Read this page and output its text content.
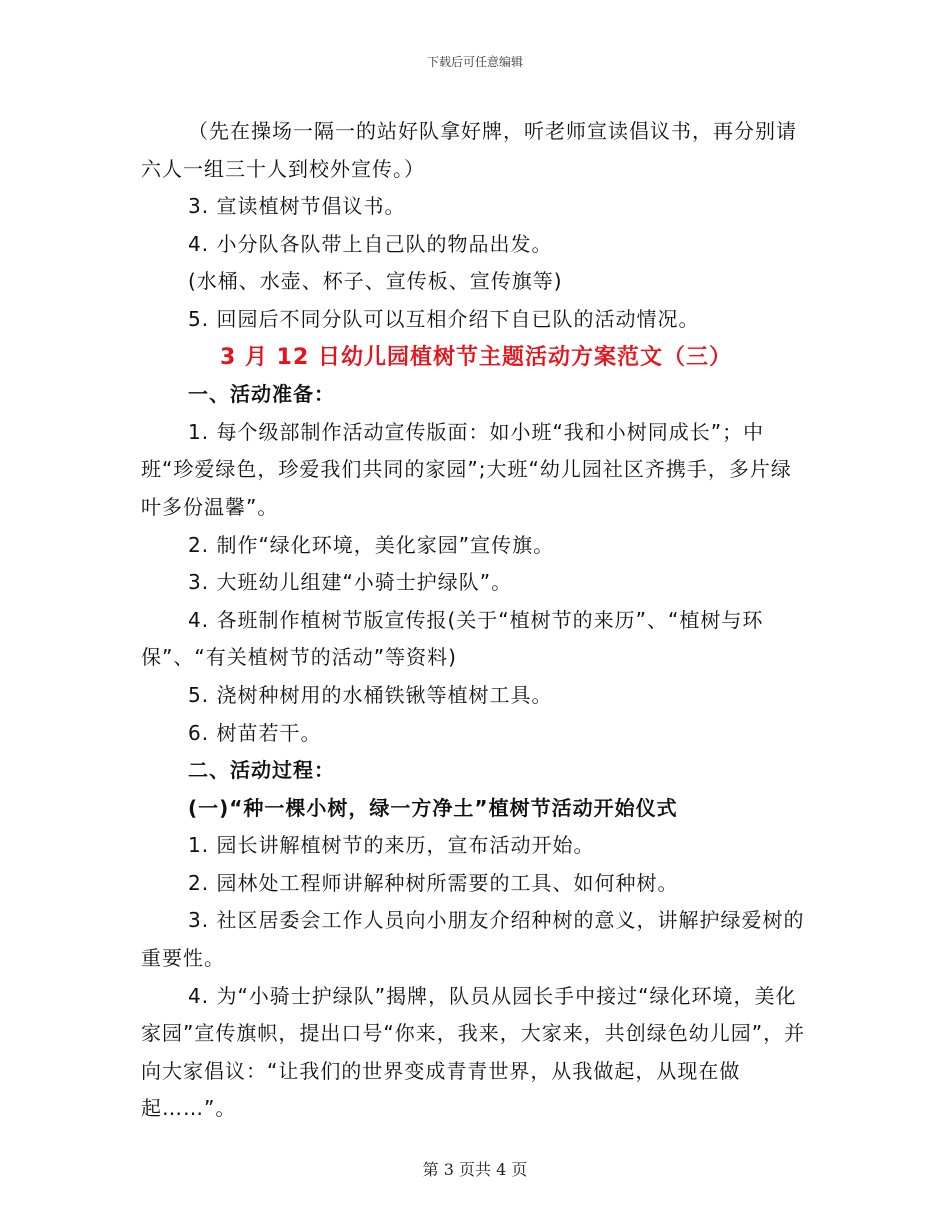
下载后可任意编辑

（先在操场一隔一的站好队拿好牌，听老师宣读倡议书，再分别请六人一组三十人到校外宣传。）

3. 宣读植树节倡议书。

4. 小分队各队带上自己队的物品出发。

(水桶、水壶、杯子、宣传板、宣传旗等)

5. 回园后不同分队可以互相介绍下自已队的活动情况。

3 月 12 日幼儿园植树节主题活动方案范文（三）

一、活动准备：

1. 每个级部制作活动宣传版面：如小班“我和小树同成长”；中班“珍爱绿色，珍爱我们共同的家园”;大班“幼儿园社区齐携手，多片绿叶多份温馨”。

2. 制作“绿化环境，美化家园”宣传旗。

3. 大班幼儿组建“小骑士护绿队”。

4. 各班制作植树节版宣传报(关于“植树节的来历”、“植树与环保”、“有关植树节的活动”等资料)

5. 浇树种树用的水桶铁锹等植树工具。

6. 树苗若干。

二、活动过程：

(一)“种一棵小树，绿一方净土”植树节活动开始仪式

1. 园长讲解植树节的来历，宣布活动开始。

2. 园林处工程师讲解种树所需要的工具、如何种树。

3. 社区居委会工作人员向小朋友介绍种树的意义，讲解护绿爱树的重要性。

4. 为“小骑士护绿队”揭牌，队员从园长手中接过“绿化环境，美化家园”宣传旗帜，提出口号“你来，我来，大家来，共创绿色幼儿园”，并向大家倡议：“让我们的世界变成青青世界，从我做起，从现在做起……”。

第 3 页共 4 页
